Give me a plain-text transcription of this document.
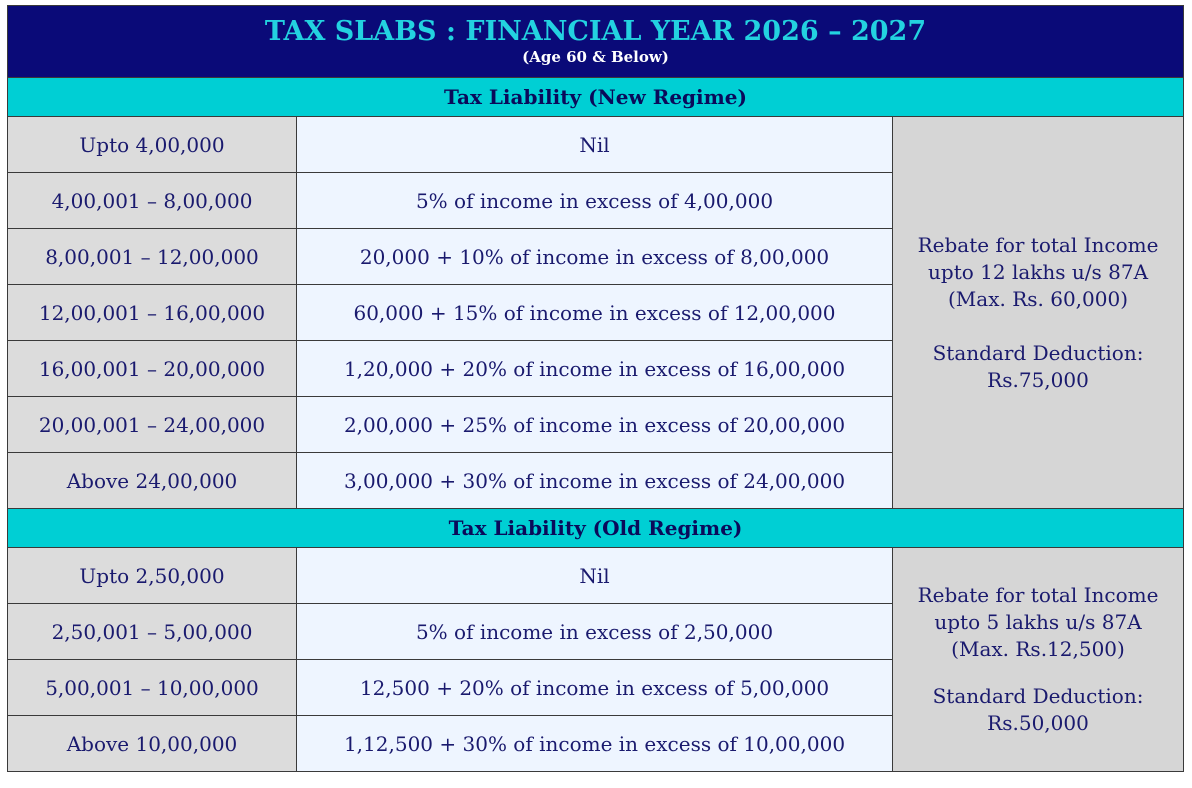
TAX SLABS : FINANCIAL YEAR 2026 – 2027
(Age 60 & Below)		

Tax Liability (New Regime)		
Upto 4,00,000	Nil	Rebate for total Income
upto 12 lakhs u/s 87A
(Max. Rs. 60,000)
Standard Deduction:
Rs.75,000

4,00,001 – 8,00,000	5% of income in excess of 4,00,000	
8,00,001 – 12,00,000	20,000 + 10% of income in excess of 8,00,000	
12,00,001 – 16,00,000	60,000 + 15% of income in excess of 12,00,000	
16,00,001 – 20,00,000	1,20,000 + 20% of income in excess of 16,00,000	
20,00,001 – 24,00,000	2,00,000 + 25% of income in excess of 20,00,000	
Above 24,00,000	3,00,000 + 30% of income in excess of 24,00,000	
Tax Liability (Old Regime)		
Upto 2,50,000	Nil	Rebate for total Income
upto 5 lakhs u/s 87A
(Max. Rs.12,500)
Standard Deduction:
Rs.50,000

2,50,001 – 5,00,000	5% of income in excess of 2,50,000	
5,00,001 – 10,00,000	12,500 + 20% of income in excess of 5,00,000	
Above 10,00,000	1,12,500 + 30% of income in excess of 10,00,000	
